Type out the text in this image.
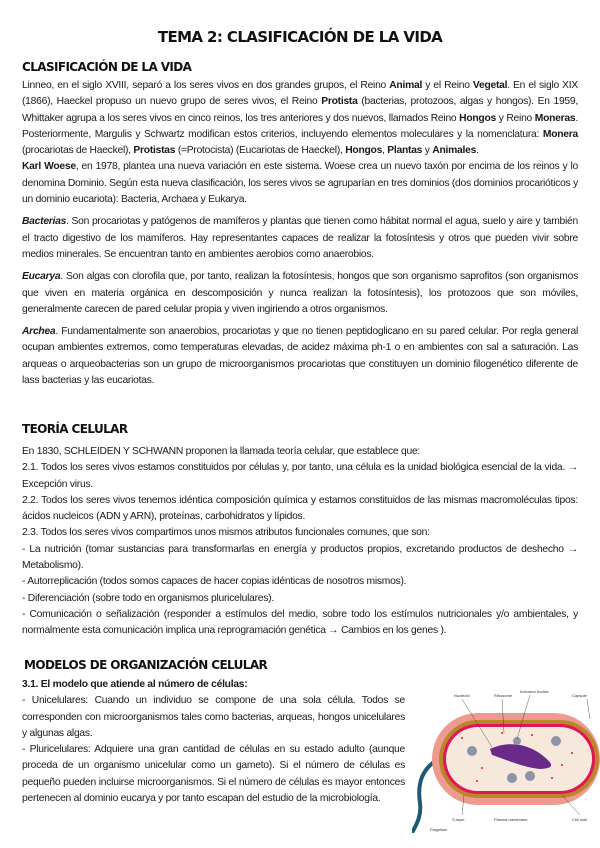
TEMA 2: CLASIFICACIÓN DE LA VIDA
CLASIFICACIÓN DE LA VIDA

Linneo, en el siglo XVIII, separó a los seres vivos en dos grandes grupos, el Reino Animal y el Reino Vegetal. En el siglo XIX (1866), Haeckel propuso un nuevo grupo de seres vivos, el Reino Protista (bacterias, protozoos, algas y hongos). En 1959, Whittaker agrupa a los seres vivos en cinco reinos, los tres anteriores y dos nuevos, llamados Reino Hongos y Reino Moneras. Posteriormente, Margulis y Schwartz modifican estos criterios, incluyendo elementos moleculares y la nomenclatura: Monera (procariotas de Haeckel), Protistas (=Protocista) (Eucariotas de Haeckel), Hongos, Plantas y Animales.

Karl Woese, en 1978, plantea una nueva variación en este sistema. Woese crea un nuevo taxón por encima de los reinos y lo denomina Dominio. Según esta nueva clasificación, los seres vivos se agruparían en tres dominios (dos dominios procarióticos y un dominio eucariota): Bacteria, Archaea y Eukarya.

Bacterias. Son procariotas y patógenos de mamíferos y plantas que tienen como hábitat normal el agua, suelo y aire y también el tracto digestivo de los mamíferos. Hay representantes capaces de realizar la fotosíntesis y otros que pueden vivir sobre medios minerales. Se encuentran tanto en ambientes aerobios como anaerobios.

Eucarya. Son algas con clorofila que, por tanto, realizan la fotosíntesis, hongos que son organismo saprofitos (son organismos que viven en materia orgánica en descomposición y nunca realizan la fotosíntesis), los protozoos que son móviles, generalmente carecen de pared celular propia y viven ingiriendo a otros organismos.

Archea. Fundamentalmente son anaerobios, procariotas y que no tienen peptidoglicano en su pared celular. Por regla general ocupan ambientes extremos, como temperaturas elevadas, de acidez máxima ph-1 o en ambientes con sal a saturación. Las arqueas o arqueobacterias son un grupo de microorganismos procariotas que constituyen un dominio filogenético diferente de lass bacterias y las eucariotas.

TEORÍA CELULAR

En 1830, SCHLEIDEN Y SCHWANN proponen la llamada teoría celular, que establece que:

2.1. Todos los seres vivos estamos constituidos por células y, por tanto, una célula es la unidad biológica esencial de la vida. → Excepción virus.

2.2. Todos los seres vivos tenemos idéntica composición química y estamos constituidos de las mismas macromoléculas tipos: ácidos nucleicos (ADN y ARN), proteínas, carbohidratos y lípidos.

2.3. Todos los seres vivos compartimos unos mismos atributos funcionales comunes, que son:

- La nutrición (tomar sustancias para transformarlas en energía y productos propios, excretando productos de deshecho → Metabolismo).

- Autorreplicación (todos somos capaces de hacer copias idénticas de nosotros mismos).

- Diferenciación (sobre todo en organismos pluricelulares).

- Comunicación o señalización (responder a estímulos del medio, sobre todo los estímulos nutricionales y/o ambientales, y normalmente esta comunicación implica una reprogramación genética → Cambios en los genes ).

MODELOS DE ORGANIZACIÓN CELULAR

3.1. El modelo que atiende al número de células:

- Unicelulares: Cuando un individuo se compone de una sola célula. Todos se corresponden con microorganismos tales como bacterias, arqueas, hongos unicelulares y algunas algas.

- Pluricelulares: Adquiere una gran cantidad de células en su estado adulto (aunque proceda de un organismo unicelular como un gameto). Si el número de células es pequeño pueden incluirse microorganismos. Si el número de células es mayor entonces pertenecen al dominio eucarya y por tanto escapan del estudio de la microbiología.

Nucleoid	Ribosome
Inclusion bodies
Capsule
S-layer	Plasma membrane	Cell wall
Flagellum
